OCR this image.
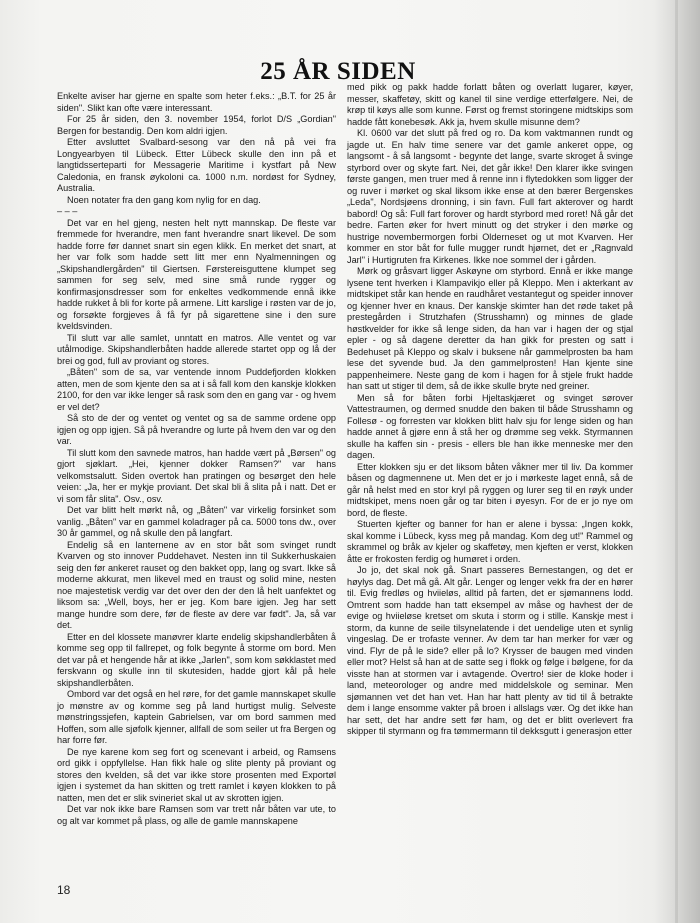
25 ÅR SIDEN

Enkelte aviser har gjerne en spalte som heter f.eks.: „B.T. for 25 år siden". Slikt kan ofte være interessant.

For 25 år siden, den 3. november 1954, forlot D/S „Gordian" Bergen for bestandig. Den kom aldri igjen.

Etter avsluttet Svalbard-sesong var den nå på vei fra Longyearbyen til Lübeck. Etter Lübeck skulle den inn på et langtidsserteparti for Messagerie Maritime i kystfart på New Caledonia, en fransk øykoloni ca. 1000 n.m. nordøst for Sydney, Australia.

Noen notater fra den gang kom nylig for en dag.

– – –

Det var en hel gjeng, nesten helt nytt mannskap. De fleste var fremmede for hverandre, men fant hverandre snart likevel. De som hadde forre før dannet snart sin egen klikk. En merket det snart, at her var folk som hadde sett litt mer enn Nyalmenningen og „Skipshandlergården" til Giertsen. Førstereisguttene klumpet seg sammen for seg selv, med sine små runde rygger og konfirmasjonsdresser som for enkeltes vedkommende ennå ikke hadde rukket å bli for korte på armene. Litt karslige i røsten var de jo, og forsøkte forgjeves å få fyr på sigarettene sine i den sure kveldsvinden.

Til slutt var alle samlet, unntatt en matros. Alle ventet og var utålmodige. Skipshandlerbåten hadde allerede startet opp og lå der brei og god, full av proviant og stores.

„Båten" som de sa, var ventende innom Puddefjorden klokken atten, men de som kjente den sa at i så fall kom den kanskje klokken 2100, for den var ikke lenger så rask som den en gang var - og hvem er vel det?

Så sto de der og ventet og ventet og sa de samme ordene opp igjen og opp igjen. Så på hverandre og lurte på hvem den var og den var.

Til slutt kom den savnede matros, han hadde vært på „Børsen" og gjort sjøklart. „Hei, kjenner dokker Ramsen?" var hans velkomstsalutt. Siden overtok han pratingen og besørget den hele veien: „Ja, her er mykje proviant. Det skal bli å slita på i natt. Det er vi som får slita". Osv., osv.

Det var blitt helt mørkt nå, og „Båten" var virkelig forsinket som vanlig. „Båten" var en gammel koladrager på ca. 5000 tons dw., over 30 år gammel, og nå skulle den på langfart.

Endelig så en lanternene av en stor båt som svinget rundt Kvarven og sto innover Puddehavet. Nesten inn til Sukkerhuskaien seig den før ankeret rauset og den bakket opp, lang og svart. Ikke så moderne akkurat, men likevel med en traust og solid mine, nesten noe majestetisk verdig var det over den der den lå helt uanfektet og liksom sa: „Well, boys, her er jeg. Kom bare igjen. Jeg har sett mange hundre som dere, før de fleste av dere var født". Ja, så var det.

Etter en del klossete manøvrer klarte endelig skipshandlerbåten å komme seg opp til fallrepet, og folk begynte å storme om bord. Men det var på et hengende hår at ikke „Jarlen", som kom søkklastet med ferskvann og skulle inn til skutesiden, hadde gjort kål på hele skipshandlerbåten.

Ombord var det også en hel røre, for det gamle mannskapet skulle jo mønstre av og komme seg på land hurtigst mulig. Selveste mønstringssjefen, kaptein Gabrielsen, var om bord sammen med Hoffen, som alle sjøfolk kjenner, allfall de som seiler ut fra Bergen og har forre før.

De nye karene kom seg fort og scenevant i arbeid, og Ramsens ord gikk i oppfyllelse. Han fikk hale og slite plenty på proviant og stores den kvelden, så det var ikke store prosenten med Exportøl igjen i systemet da han skitten og trett ramlet i køyen klokken to på natten, men det er slik svineriet skal ut av skrotten igjen.

Det var nok ikke bare Ramsen som var trett når båten var ute, to og alt var kommet på plass, og alle de gamle mannskapene

med pikk og pakk hadde forlatt båten og overlatt lugarer, køyer, messer, skaffetøy, skitt og kanel til sine verdige etterfølgere. Nei, de krøp til køys alle som kunne. Først og fremst storingene midtskips som hadde fått konebesøk. Akk ja, hvem skulle misunne dem?

Kl. 0600 var det slutt på fred og ro. Da kom vaktmannen rundt og jagde ut. En halv time senere var det gamle ankeret oppe, og langsomt - å så langsomt - begynte det lange, svarte skroget å svinge styrbord over og skyte fart. Nei, det går ikke! Den klarer ikke svingen første gangen, men truer med å renne inn i flytedokken som ligger der og ruver i mørket og skal liksom ikke ense at den bærer Bergenskes „Leda", Nordsjøens dronning, i sin favn. Full fart akterover og hardt babord! Og så: Full fart forover og hardt styrbord med roret! Nå går det bedre. Farten øker for hvert minutt og det stryker i den mørke og hustrige novembermorgen forbi Olderneset og ut mot Kvarven. Her kommer en stor båt for fulle mugger rundt hjørnet, det er „Ragnvald Jarl" i Hurtigruten fra Kirkenes. Ikke noe sommel der i gården.

Mørk og gråsvart ligger Askøyne om styrbord. Ennå er ikke mange lysene tent hverken i Klampavikjo eller på Kleppo. Men i akterkant av midtskipet står kan hende en raudhåret vestantegut og speider innover og kjenner hver en knaus. Der kanskje skimter han det røde taket på prestegården i Strutzhafen (Strusshamn) og minnes de glade høstkvelder for ikke så lenge siden, da han var i hagen der og stjal epler - og så dagene deretter da han gikk for presten og satt i Bedehuset på Kleppo og skalv i buksene når gammelprosten ba ham lese det syvende bud. Ja den gammelprosten! Han kjente sine pappenheimere. Neste gang de kom i hagen for å stjele frukt hadde han satt ut stiger til dem, så de ikke skulle bryte ned greiner.

Men så for båten forbi Hjeltaskjæret og svinget sørover Vattestraumen, og dermed snudde den baken til både Strusshamn og Follesø - og forresten var klokken blitt halv sju for lenge siden og han hadde annet å gjøre enn å stå her og drømme seg vekk. Styrmannen skulle ha kaffen sin - presis - ellers ble han ikke menneske mer den dagen.

Etter klokken sju er det liksom båten våkner mer til liv. Da kommer båsen og dagmennene ut. Men det er jo i mørkeste laget ennå, så de går nå helst med en stor kryl på ryggen og lurer seg til en røyk under midtskipet, mens noen går og tar biten i øyesyn. For de er jo nye om bord, de fleste.

Stuerten kjefter og banner for han er alene i byssa: „Ingen kokk, skal komme i Lübeck, kyss meg på mandag. Kom deg ut!" Rammel og skrammel og bråk av kjeler og skaffetøy, men kjeften er verst, klokken åtte er frokosten ferdig og humøret i orden.

Jo jo, det skal nok gå. Snart passeres Bernestangen, og det er høylys dag. Det må gå. Alt går. Lenger og lenger vekk fra der en hører til. Evig fredløs og hviieløs, alltid på farten, det er sjømannens lodd. Omtrent som hadde han tatt eksempel av måse og havhest der de evige og hviieløse kretset om skuta i storm og i stille. Kanskje mest i storm, da kunne de seile tilsynelatende i det uendelige uten et synlig vingeslag. De er trofaste venner. Av dem tar han merker for vær og vind. Flyr de på le side? eller på lo? Krysser de baugen med vinden eller mot? Helst så han at de satte seg i flokk og følge i bølgene, for da visste han at stormen var i avtagende. Overtro! sier de kloke hoder i land, meteorologer og andre med middelskole og seminar. Men sjømannen vet det han vet. Han har hatt plenty av tid til å betrakte dem i lange ensomme vakter på broen i allslags vær. Og det ikke han har sett, det har andre sett før ham, og det er blitt overlevert fra skipper til styrmann og fra tømmermann til dekksgutt i generasjon etter

18
